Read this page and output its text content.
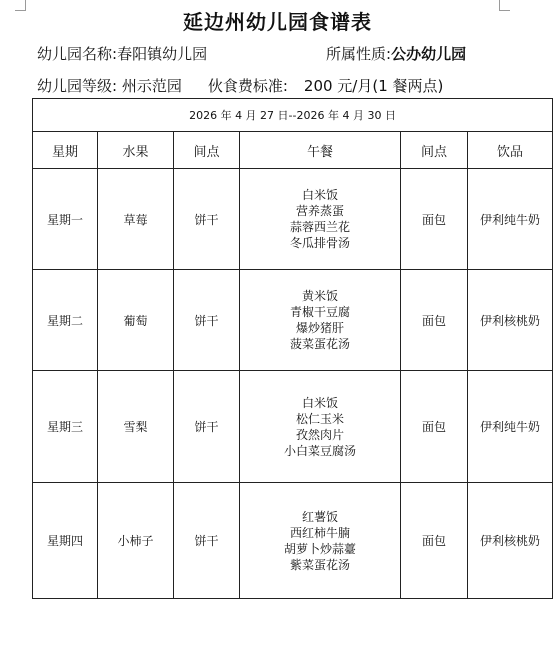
延边州幼儿园食谱表
幼儿园名称:春阳镇幼儿园	所属性质:公办幼儿园
幼儿园等级: 州示范园 伙食费标准: 200 元/月(1 餐两点)
2026 年 4 月 27 日--2026 年 4 月 30 日					
星期	水果	间点	午餐	间点	饮品
星期一	草莓	饼干	白米饭
营养蒸蛋
蒜蓉西兰花
冬瓜排骨汤	面包	伊利纯牛奶
星期二	葡萄	饼干	黄米饭
青椒干豆腐
爆炒猪肝
菠菜蛋花汤	面包	伊利核桃奶
星期三	雪梨	饼干	白米饭
松仁玉米
孜然肉片
小白菜豆腐汤	面包	伊利纯牛奶
星期四	小柿子	饼干	红薯饭
西红柿牛腩
胡萝卜炒蒜薹
紫菜蛋花汤	面包	伊利核桃奶
